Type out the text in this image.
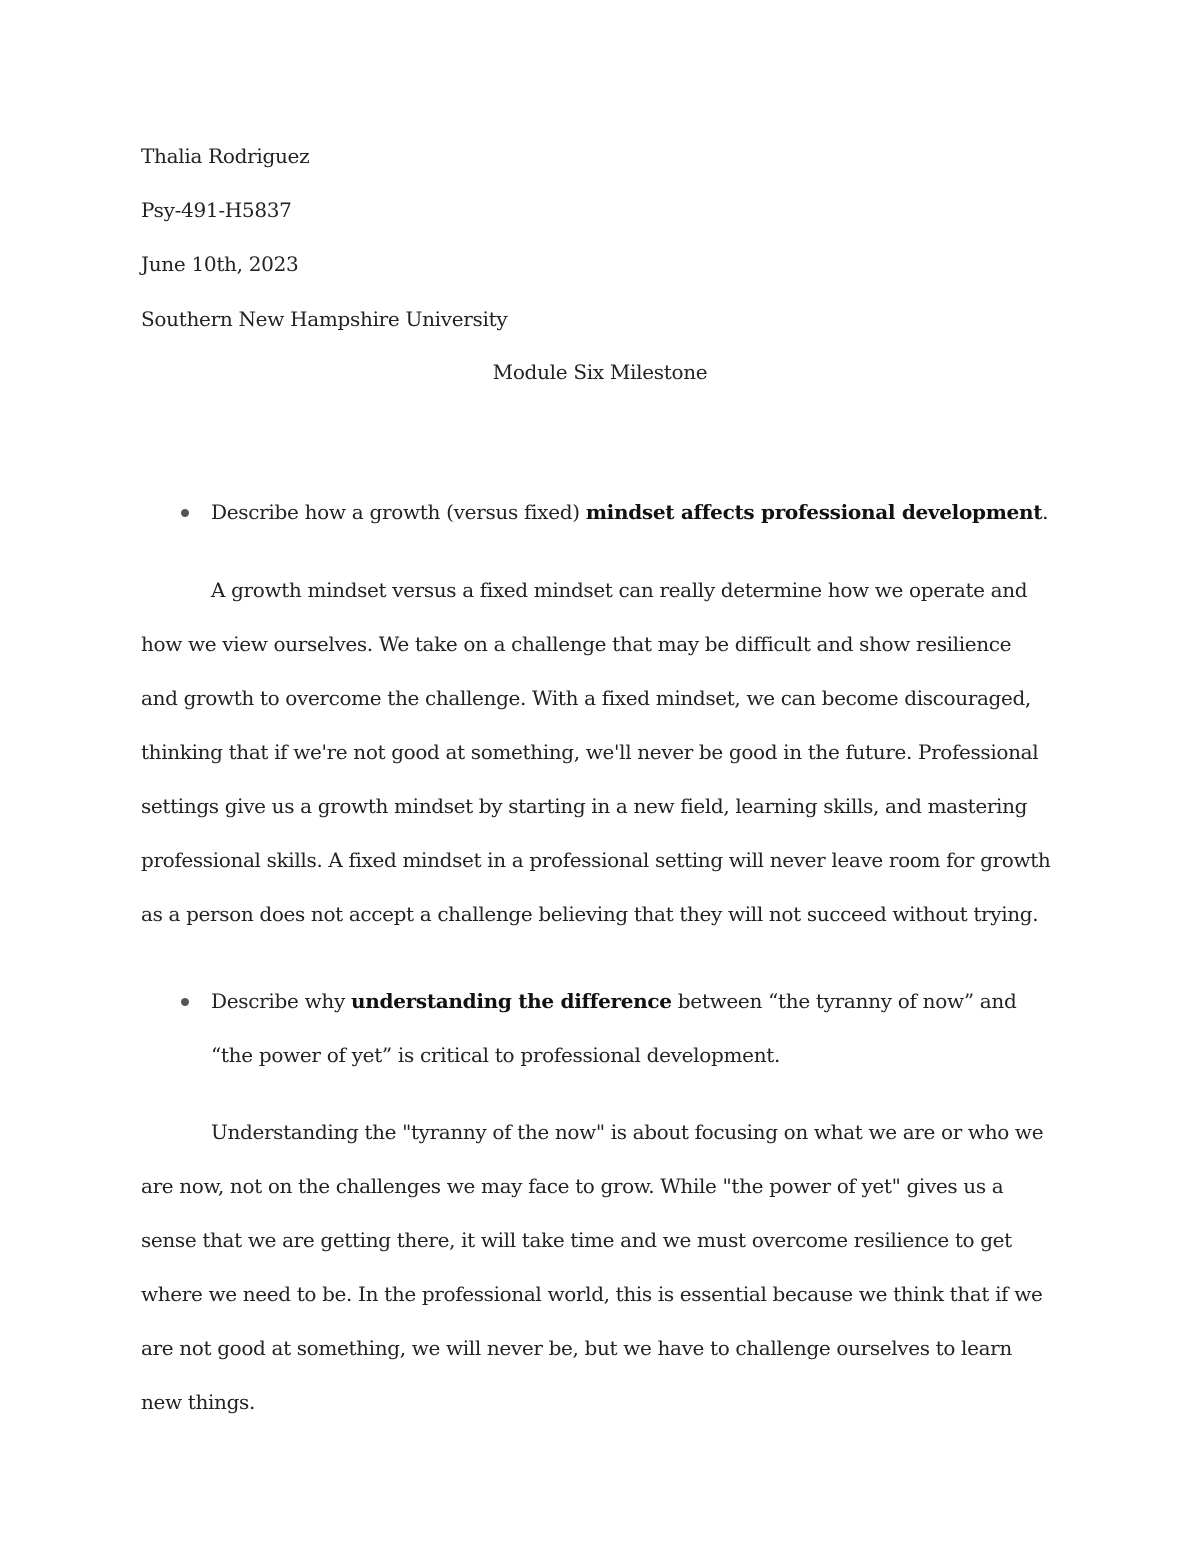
Thalia Rodriguez
Psy-491-H5837
June 10th, 2023
Southern New Hampshire University
Module Six Milestone
Describe how a growth (versus fixed) mindset affects professional development.

A growth mindset versus a fixed mindset can really determine how we operate and how we view ourselves. We take on a challenge that may be difficult and show resilience and growth to overcome the challenge. With a fixed mindset, we can become discouraged, thinking that if we're not good at something, we'll never be good in the future. Professional settings give us a growth mindset by starting in a new field, learning skills, and mastering professional skills. A fixed mindset in a professional setting will never leave room for growth as a person does not accept a challenge believing that they will not succeed without trying.

Describe why understanding the difference between “the tyranny of now” and “the power of yet” is critical to professional development.

Understanding the "tyranny of the now" is about focusing on what we are or who we are now, not on the challenges we may face to grow. While "the power of yet" gives us a sense that we are getting there, it will take time and we must overcome resilience to get where we need to be. In the professional world, this is essential because we think that if we are not good at something, we will never be, but we have to challenge ourselves to learn new things.
